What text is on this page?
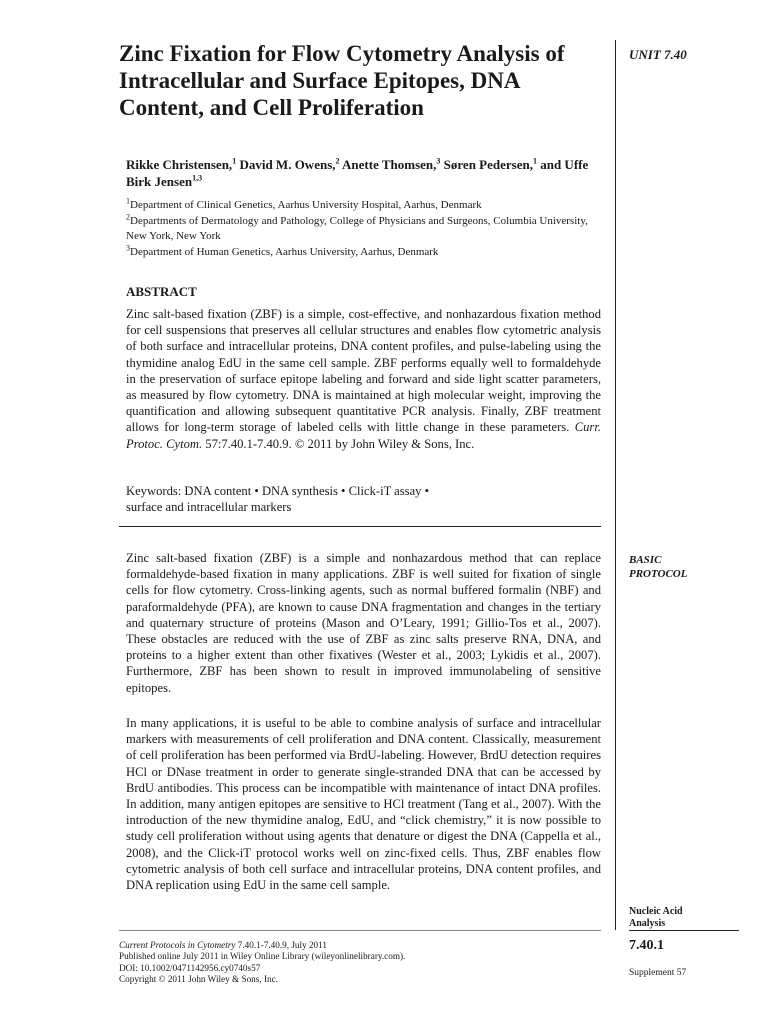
Zinc Fixation for Flow Cytometry Analysis of Intracellular and Surface Epitopes, DNA Content, and Cell Proliferation
Rikke Christensen,$^1$ David M. Owens,$^2$ Anette Thomsen,$^3$ Søren Pedersen,$^1$ and Uffe Birk Jensen$^{1,3}$
$^1$Department of Clinical Genetics, Aarhus University Hospital, Aarhus, Denmark
$^2$Departments of Dermatology and Pathology, College of Physicians and Surgeons, Columbia University, New York, New York
$^3$Department of Human Genetics, Aarhus University, Aarhus, Denmark
ABSTRACT
Zinc salt-based fixation (ZBF) is a simple, cost-effective, and nonhazardous fixation method for cell suspensions that preserves all cellular structures and enables flow cytometric analysis of both surface and intracellular proteins, DNA content profiles, and pulse-labeling using the thymidine analog EdU in the same cell sample. ZBF performs equally well to formaldehyde in the preservation of surface epitope labeling and forward and side light scatter parameters, as measured by flow cytometry. DNA is maintained at high molecular weight, improving the quantification and allowing subsequent quantitative PCR analysis. Finally, ZBF treatment allows for long-term storage of labeled cells with little change in these parameters. Curr. Protoc. Cytom. 57:7.40.1-7.40.9. © 2011 by John Wiley & Sons, Inc.
Keywords: DNA content • DNA synthesis • Click-iT assay •
surface and intracellular markers
Zinc salt-based fixation (ZBF) is a simple and nonhazardous method that can replace formaldehyde-based fixation in many applications. ZBF is well suited for fixation of single cells for flow cytometry. Cross-linking agents, such as normal buffered formalin (NBF) and paraformaldehyde (PFA), are known to cause DNA fragmentation and changes in the tertiary and quaternary structure of proteins (Mason and O’Leary, 1991; Gillio-Tos et al., 2007). These obstacles are reduced with the use of ZBF as zinc salts preserve RNA, DNA, and proteins to a higher extent than other fixatives (Wester et al., 2003; Lykidis et al., 2007). Furthermore, ZBF has been shown to result in improved immunolabeling of sensitive epitopes.
In many applications, it is useful to be able to combine analysis of surface and intracellular markers with measurements of cell proliferation and DNA content. Classically, measurement of cell proliferation has been performed via BrdU-labeling. However, BrdU detection requires HCl or DNase treatment in order to generate single-stranded DNA that can be accessed by BrdU antibodies. This process can be incompatible with maintenance of intact DNA profiles. In addition, many antigen epitopes are sensitive to HCl treatment (Tang et al., 2007). With the introduction of the new thymidine analog, EdU, and “click chemistry,” it is now possible to study cell proliferation without using agents that denature or digest the DNA (Cappella et al., 2008), and the Click-iT protocol works well on zinc-fixed cells. Thus, ZBF enables flow cytometric analysis of both cell surface and intracellular proteins, DNA content profiles, and DNA replication using EdU in the same cell sample.
Current Protocols in Cytometry 7.40.1-7.40.9, July 2011
Published online July 2011 in Wiley Online Library (wileyonlinelibrary.com).
DOI: 10.1002/0471142956.cy0740s57
Copyright © 2011 John Wiley & Sons, Inc.
UNIT 7.40
BASIC
PROTOCOL
Nucleic Acid
Analysis
7.40.1
Supplement 57
